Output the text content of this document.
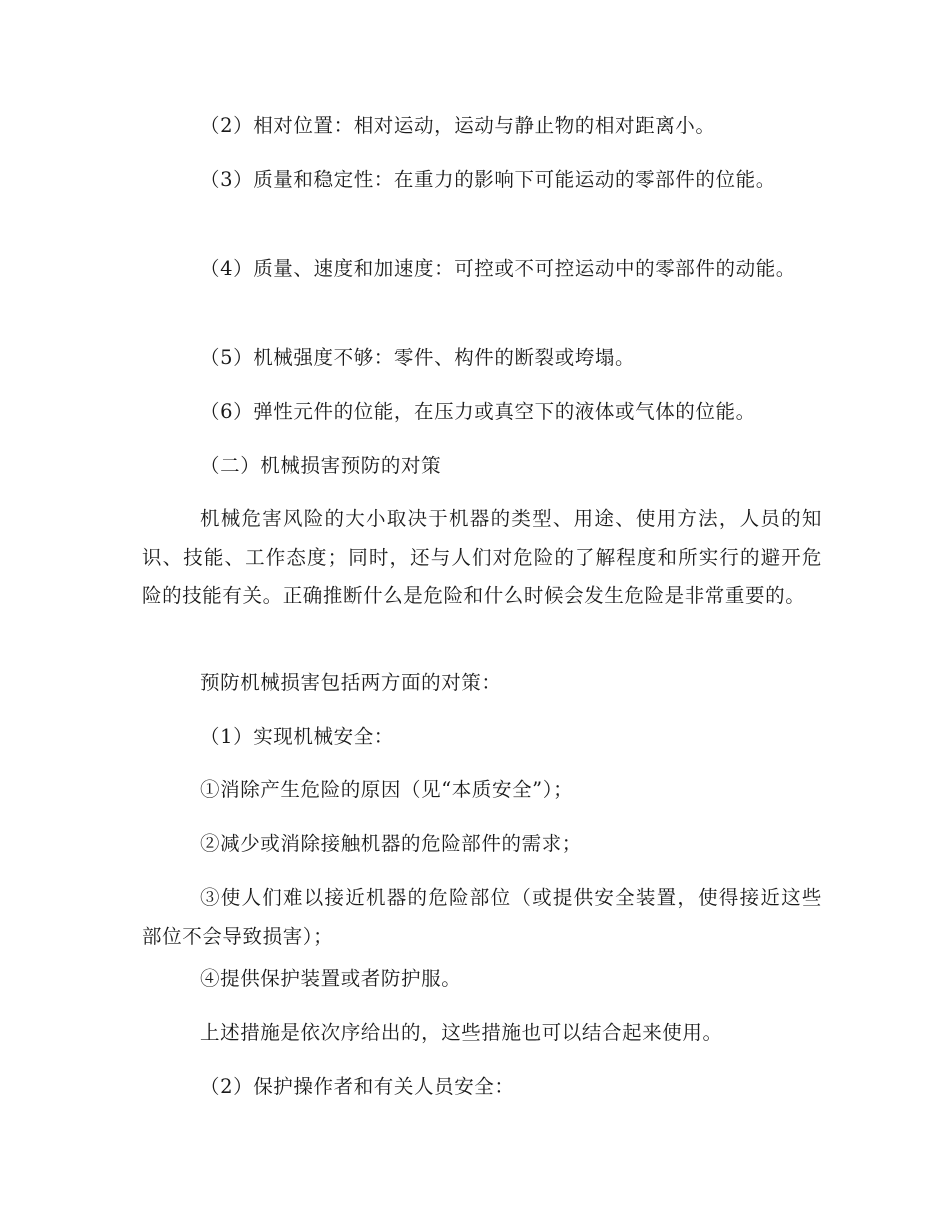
（2）相对位置：相对运动，运动与静止物的相对距离小。

（3）质量和稳定性：在重力的影响下可能运动的零部件的位能。

（4）质量、速度和加速度：可控或不可控运动中的零部件的动能。

（5）机械强度不够：零件、构件的断裂或垮塌。

（6）弹性元件的位能，在压力或真空下的液体或气体的位能。

（二）机械损害预防的对策

机械危害风险的大小取决于机器的类型、用途、使用方法，人员的知识、技能、工作态度；同时，还与人们对危险的了解程度和所实行的避开危险的技能有关。正确推断什么是危险和什么时候会发生危险是非常重要的。

预防机械损害包括两方面的对策：

（1）实现机械安全：

①消除产生危险的原因（见“本质安全”）；

②减少或消除接触机器的危险部件的需求；

③使人们难以接近机器的危险部位（或提供安全装置，使得接近这些部位不会导致损害）；

④提供保护装置或者防护服。

上述措施是依次序给出的，这些措施也可以结合起来使用。

（2）保护操作者和有关人员安全：
